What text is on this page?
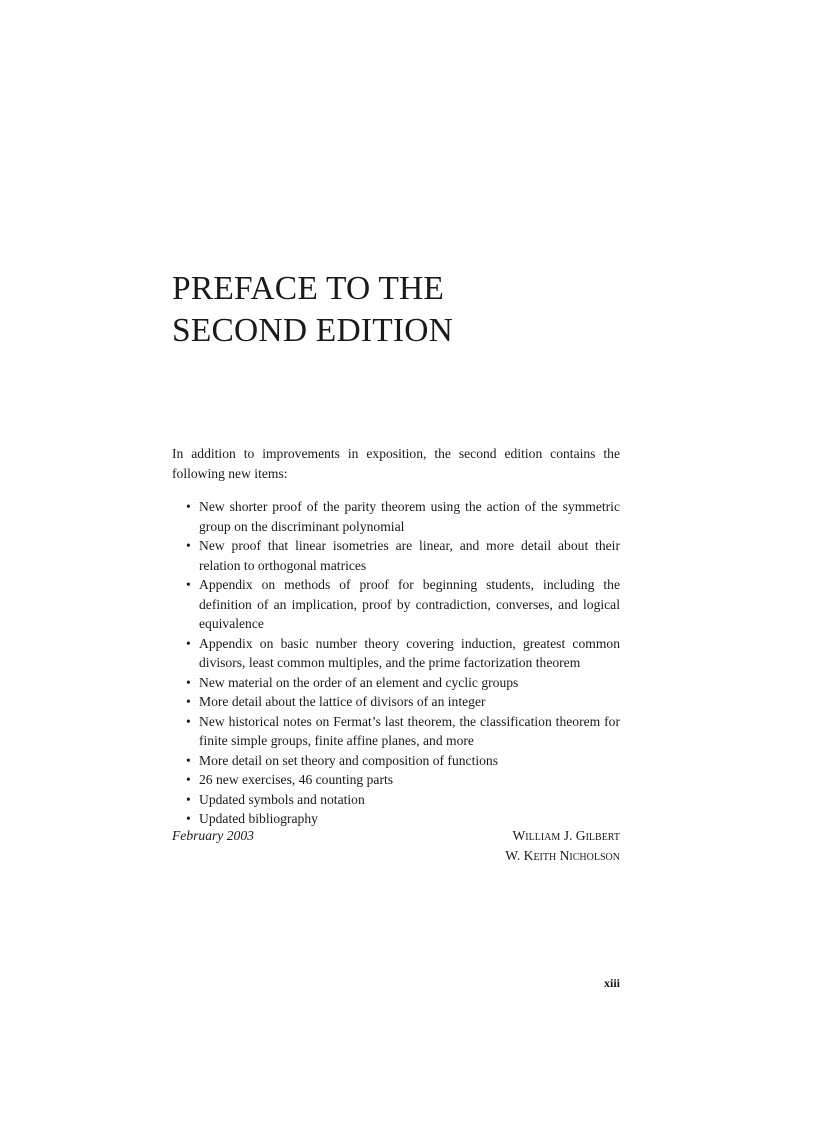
PREFACE TO THE
SECOND EDITION

In addition to improvements in exposition, the second edition contains the following new items:

• New shorter proof of the parity theorem using the action of the symmetric group on the discriminant polynomial
• New proof that linear isometries are linear, and more detail about their relation to orthogonal matrices
• Appendix on methods of proof for beginning students, including the definition of an implication, proof by contradiction, converses, and logical equivalence
• Appendix on basic number theory covering induction, greatest common divisors, least common multiples, and the prime factorization theorem
• New material on the order of an element and cyclic groups
• More detail about the lattice of divisors of an integer
• New historical notes on Fermat’s last theorem, the classification theorem for finite simple groups, finite affine planes, and more
• More detail on set theory and composition of functions
• 26 new exercises, 46 counting parts
• Updated symbols and notation
• Updated bibliography
February 2003	William J. Gilbert
W. Keith Nicholson
xiii
